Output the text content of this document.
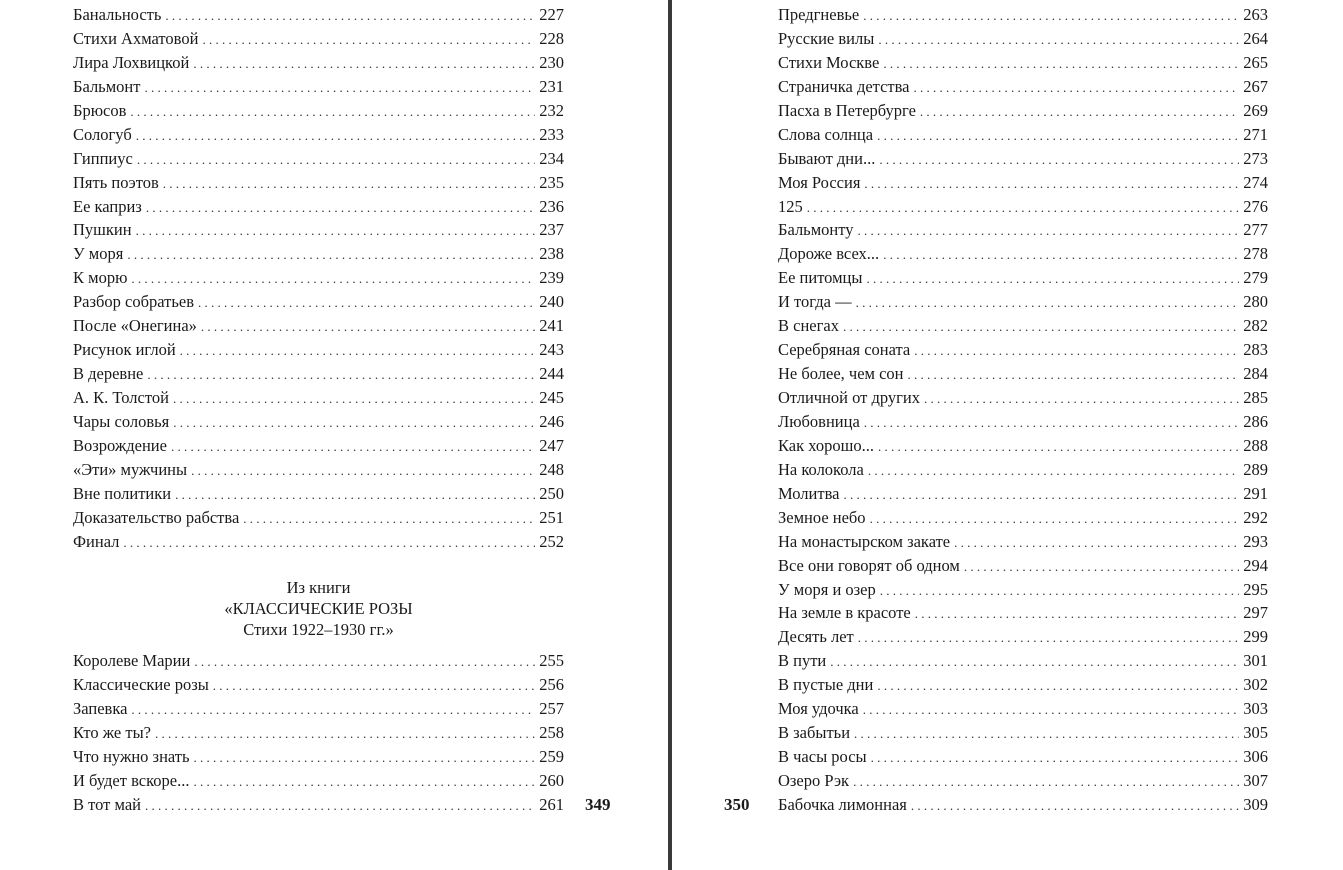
Банальность . . .	227
Стихи Ахматовой . . .	228
Лира Лохвицкой . . .	230
Бальмонт . . .	231
Брюсов . . .	232
Сологуб . . .	233
Гиппиус . . .	234
Пять поэтов . . .	235
Ее каприз . . .	236
Пушкин . . .	237
У моря . . .	238
К морю . . .	239
Разбор собратьев . . .	240
После «Онегина» . . .	241
Рисунок иглой . . .	243
В деревне . . .	244
А. К. Толстой . . .	245
Чары соловья . . .	246
Возрождение . . .	247
«Эти» мужчины . . .	248
Вне политики . . .	250
Доказательство рабства . . .	251
Финал . . .	252
Из книги
«КЛАССИЧЕСКИЕ РОЗЫ
Стихи 1922–1930 гг.»
Королеве Марии . . .	255
Классические розы . . .	256
Запевка . . .	257
Кто же ты? . . .	258
Что нужно знать . . .	259
И будет вскоре... . . .	260
В тот май . . .	261 349	350
Предгневье . . .	263
Русские вилы . . .	264
Стихи Москве . . .	265
Страничка детства . . .	267
Пасха в Петербурге . . .	269
Слова солнца . . .	271
Бывают дни... . . .	273
Моя Россия . . .	274
125 . . .	276
Бальмонту . . .	277
Дороже всех... . . .	278
Ее питомцы . . .	279
И тогда — . . .	280
В снегах . . .	282
Серебряная соната . . .	283
Не более, чем сон . . .	284
Отличной от других . . .	285
Любовница . . .	286
Как хорошо... . . .	288
На колокола . . .	289
Молитва . . .	291
Земное небо . . .	292
На монастырском закате . . .	293
Все они говорят об одном . . .	294
У моря и озер . . .	295
На земле в красоте . . .	297
Десять лет . . .	299
В пути . . .	301
В пустые дни . . .	302
Моя удочка . . .	303
В забытьи . . .	305
В часы росы . . .	306
Озеро Рэк . . .	307
Бабочка лимонная . . .	309
